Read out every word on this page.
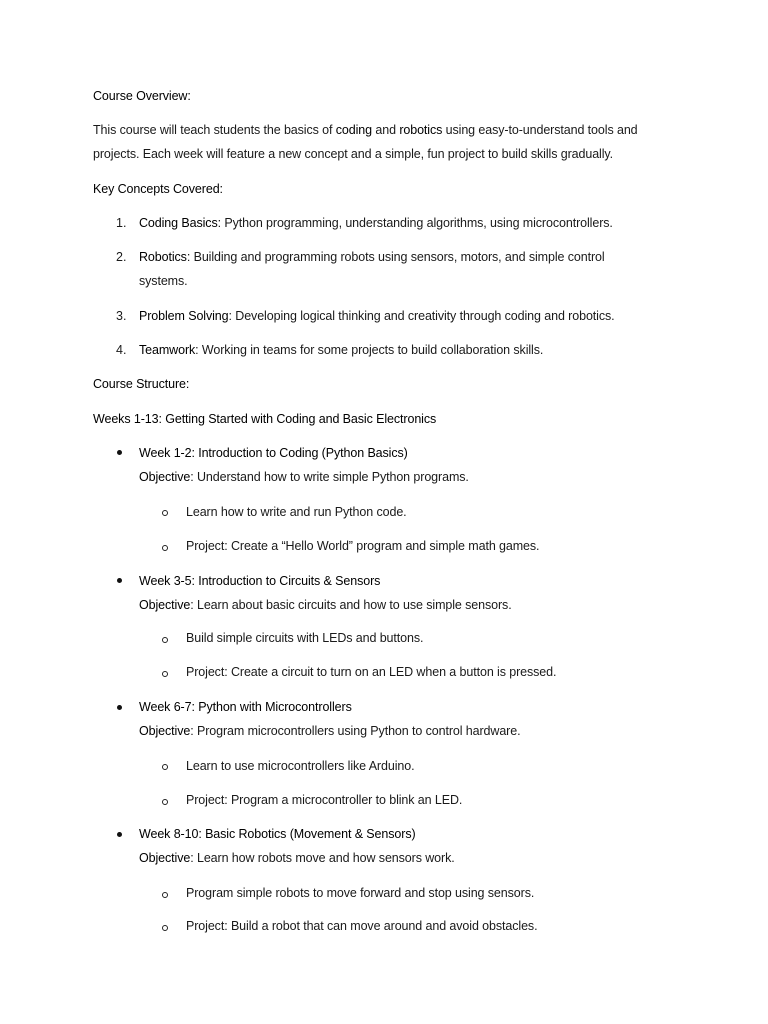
Course Overview:
This course will teach students the basics of coding and robotics using easy-to-understand tools and
projects. Each week will feature a new concept and a simple, fun project to build skills gradually.
Key Concepts Covered:
1. Coding Basics: Python programming, understanding algorithms, using microcontrollers.
2. Robotics: Building and programming robots using sensors, motors, and simple control
systems.
3. Problem Solving: Developing logical thinking and creativity through coding and robotics.
4. Teamwork: Working in teams for some projects to build collaboration skills.
Course Structure:
Weeks 1-13: Getting Started with Coding and Basic Electronics
Week 1-2: Introduction to Coding (Python Basics)
Objective: Understand how to write simple Python programs.
Learn how to write and run Python code.
Project: Create a “Hello World” program and simple math games.
Week 3-5: Introduction to Circuits & Sensors
Objective: Learn about basic circuits and how to use simple sensors.
Build simple circuits with LEDs and buttons.
Project: Create a circuit to turn on an LED when a button is pressed.
Week 6-7: Python with Microcontrollers
Objective: Program microcontrollers using Python to control hardware.
Learn to use microcontrollers like Arduino.
Project: Program a microcontroller to blink an LED.
Week 8-10: Basic Robotics (Movement & Sensors)
Objective: Learn how robots move and how sensors work.
Program simple robots to move forward and stop using sensors.
Project: Build a robot that can move around and avoid obstacles.
